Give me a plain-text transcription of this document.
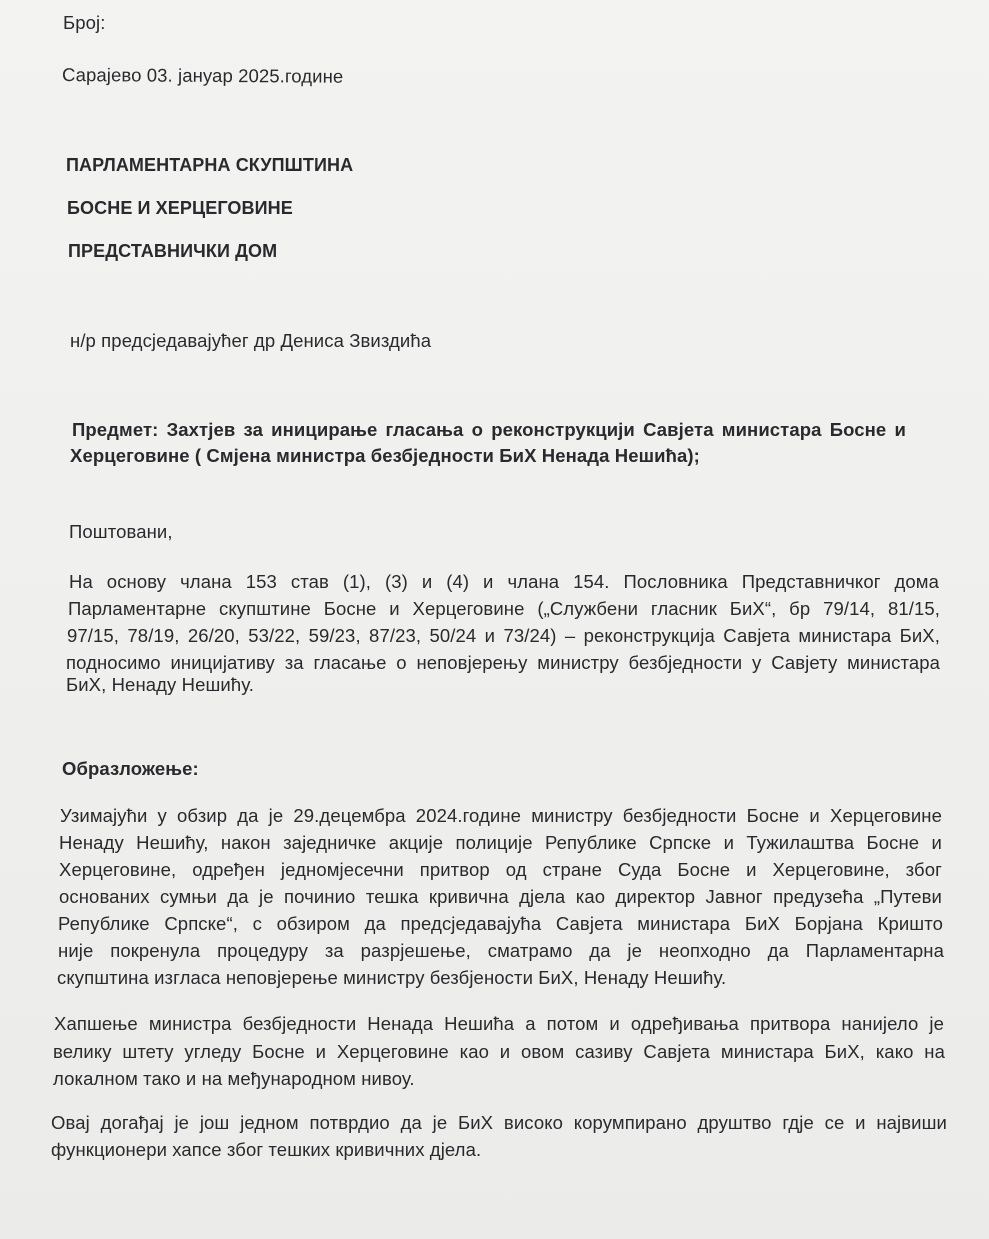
Број:
Сарајево 03. јануар 2025.године
ПАРЛАМЕНТАРНА СКУПШТИНА
БОСНЕ И ХЕРЦЕГОВИНЕ
ПРЕДСТАВНИЧКИ ДОМ
н/р предсједавајућег др Дениса Звиздића
Предмет: Захтјев за иницирање гласања о реконструкцији Савјета министара Босне и
Херцеговине ( Смјена министра безбједности БиХ Ненада Нешића);
Поштовани,
На основу члана 153 став (1), (3) и (4) и члана 154. Пословника Представничког дома
Парламентарне скупштине Босне и Херцеговине („Службени гласник БиХ“, бр 79/14, 81/15,
97/15, 78/19, 26/20, 53/22, 59/23, 87/23, 50/24 и 73/24) – реконструкција Савјета министара БиХ,
подносимо иницијативу за гласање о неповјерењу министру безбједности у Савјету министара
БиХ, Ненаду Нешићу.
Образложење:
Узимајући у обзир да је 29.децембра 2024.године министру безбједности Босне и Херцеговине
Ненаду Нешићу, након заједничке акције полиције Републике Српске и Тужилаштва Босне и
Херцеговине, одређен једномјесечни притвор од стране Суда Босне и Херцеговине, због
основаних сумњи да је починио тешка кривична дјела као директор Јавног предузећа „Путеви
Републике Српске“, с обзиром да предсједавајућа Савјета министара БиХ Борјана Кришто
није покренула процедуру за разрјешење, сматрамо да је неопходно да Парламентарна
скупштина изгласа неповјерење министру безбјености БиХ, Ненаду Нешићу.
Хапшење министра безбједности Ненада Нешића а потом и одређивања притвора нанијело је
велику штету угледу Босне и Херцеговине као и овом сазиву Савјета министара БиХ, како на
локалном тако и на међународном нивоу.
Овај догађај је још једном потврдио да је БиХ високо корумпирано друштво гдје се и највиши
функционери хапсе због тешких кривичних дјела.
